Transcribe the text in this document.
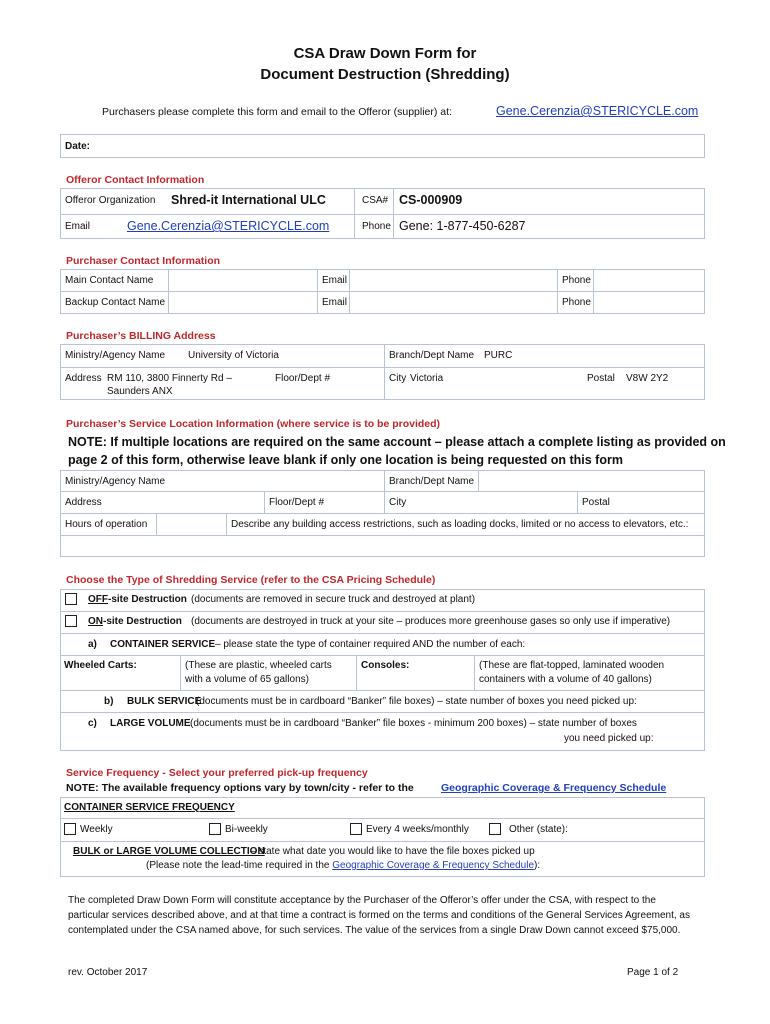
CSA Draw Down Form for
Document Destruction (Shredding)
Purchasers please complete this form and email to the Offeror (supplier) at:	Gene.Cerenzia@STERICYCLE.com
Date:
Offeror Contact Information
Offeror Organization Shred-it International ULC	CSA# CS-000909
Email	Gene.Cerenzia@STERICYCLE.com	Phone Gene: 1-877-450-6287
Purchaser Contact Information
Main Contact Name	Email	Phone
Backup Contact Name	Email	Phone
Purchaser’s BILLING Address
Ministry/Agency Name University of Victoria	Branch/Dept Name PURC
Address RM 110, 3800 Finnerty Rd –
Saunders ANX
Floor/Dept #	City Victoria	Postal V8W 2Y2
Purchaser’s Service Location Information (where service is to be provided)
NOTE: If multiple locations are required on the same account – please attach a complete listing as provided on
page 2 of this form, otherwise leave blank if only one location is being requested on this form
Ministry/Agency Name	Branch/Dept Name
Address	Floor/Dept #	City	Postal
Hours of operation	Describe any building access restrictions, such as loading docks, limited or no access to elevators, etc.:
Choose the Type of Shredding Service (refer to the CSA Pricing Schedule)
OFF-site Destruction (documents are removed in secure truck and destroyed at plant)
ON-site Destruction (documents are destroyed in truck at your site – produces more greenhouse gases so only use if imperative)
a) CONTAINER SERVICE – please state the type of container required AND the number of each:
Wheeled Carts:	(These are plastic, wheeled carts
with a volume of 65 gallons)
Consoles:	(These are flat-topped, laminated wooden
containers with a volume of 40 gallons)
b) BULK SERVICE
(documents must be in cardboard “Banker” file boxes) – state number of boxes you need picked up:
c) LARGE VOLUME (documents must be in cardboard “Banker” file boxes - minimum 200 boxes) – state number of boxes
you need picked up:
Service Frequency - Select your preferred pick-up frequency
NOTE: The available frequency options vary by town/city - refer to the	Geographic Coverage & Frequency Schedule
CONTAINER SERVICE FREQUENCY
Weekly	Bi-weekly	Every 4 weeks/monthly	Other (state):
BULK or LARGE VOLUME COLLECTION
– state what date you would like to have the file boxes picked up
(Please note the lead-time required in the Geographic Coverage & Frequency Schedule):
The completed Draw Down Form will constitute acceptance by the Purchaser of the Offeror’s offer under the CSA, with respect to the
particular services described above, and at that time a contract is formed on the terms and conditions of the General Services Agreement, as
contemplated under the CSA named above, for such services. The value of the services from a single Draw Down cannot exceed $75,000.
rev. October 2017	Page 1 of 2
